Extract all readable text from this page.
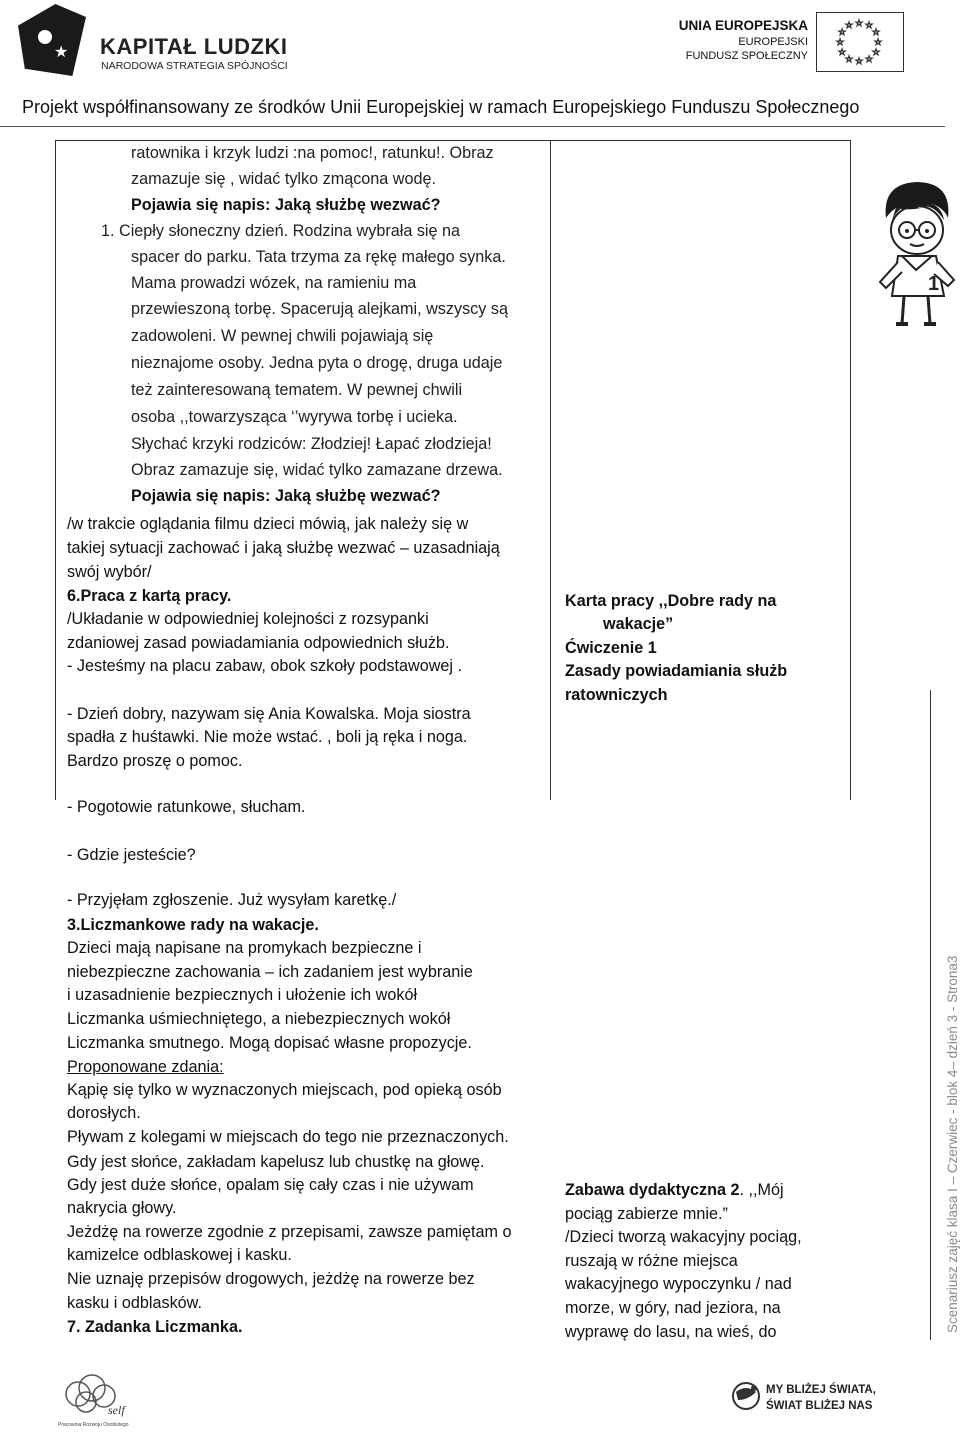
★ KAPITAŁ LUDZKI
NARODOWA STRATEGIA SPÓJNOŚCI
UNIA EUROPEJSKA
EUROPEJSKI
FUNDUSZ SPOŁECZNY
☆ ☆
☆
☆
☆
☆
☆
☆
☆
☆
☆
☆
Projekt współfinansowany ze środków Unii Europejskiej w ramach Europejskiego Funduszu Społecznego
ratownika i krzyk ludzi :na pomoc!, ratunku!. Obraz
zamazuje się , widać tylko zmącona wodę.
Pojawia się napis: Jaką służbę wezwać?
1. Ciepły słoneczny dzień. Rodzina wybrała się na
spacer do parku. Tata trzyma za rękę małego synka.
Mama prowadzi wózek, na ramieniu ma
przewieszoną torbę. Spacerują alejkami, wszyscy są
zadowoleni. W pewnej chwili pojawiają się
nieznajome osoby. Jedna pyta o drogę, druga udaje
też zainteresowaną tematem. W pewnej chwili
osoba ,,towarzysząca ‘’wyrywa torbę i ucieka.
Słychać krzyki rodziców: Złodziej! Łapać złodzieja!
Obraz zamazuje się, widać tylko zamazane drzewa.
Pojawia się napis: Jaką służbę wezwać?
/w trakcie oglądania filmu dzieci mówią, jak należy się w
takiej sytuacji zachować i jaką służbę wezwać – uzasadniają
swój wybór/
6.Praca z kartą pracy.
/Układanie w odpowiedniej kolejności z rozsypanki
zdaniowej zasad powiadamiania odpowiednich służb.
- Jesteśmy na placu zabaw, obok szkoły podstawowej .
- Dzień dobry, nazywam się Ania Kowalska. Moja siostra
spadła z huśtawki. Nie może wstać. , boli ją ręka i noga.
Bardzo proszę o pomoc.
- Pogotowie ratunkowe, słucham.
- Gdzie jesteście?
- Przyjęłam zgłoszenie. Już wysyłam karetkę./
3.Liczmankowe rady na wakacje.
Dzieci mają napisane na promykach bezpieczne i
niebezpieczne zachowania – ich zadaniem jest wybranie
i uzasadnienie bezpiecznych i ułożenie ich wokół
Liczmanka uśmiechniętego, a niebezpiecznych wokół
Liczmanka smutnego. Mogą dopisać własne propozycje.
Proponowane zdania:
Kąpię się tylko w wyznaczonych miejscach, pod opieką osób
dorosłych.
Pływam z kolegami w miejscach do tego nie przeznaczonych.
Gdy jest słońce, zakładam kapelusz lub chustkę na głowę.
Gdy jest duże słońce, opalam się cały czas i nie używam
nakrycia głowy.
Jeżdżę na rowerze zgodnie z przepisami, zawsze pamiętam o
kamizelce odblaskowej i kasku.
Nie uznaję przepisów drogowych, jeżdżę na rowerze bez
kasku i odblasków.
7. Zadanka Liczmanka.
Karta pracy ,,Dobre rady na
wakacje”
Ćwiczenie 1
Zasady powiadamiania służb
ratowniczych
Zabawa dydaktyczna 2. ,,Mój
pociąg zabierze mnie.”
/Dzieci tworzą wakacyjny pociąg,
ruszają w różne miejsca
wakacyjnego wypoczynku / nad
morze, w góry, nad jeziora, na
wyprawę do lasu, na wieś, do
1
Scenariusz zajęć klasa I – Czerwiec - blok 4– dzień 3 - Strona3
self
Pracownia Rozwoju Osobistego
MY BLIŻEJ ŚWIATA,
ŚWIAT BLIŻEJ NAS
